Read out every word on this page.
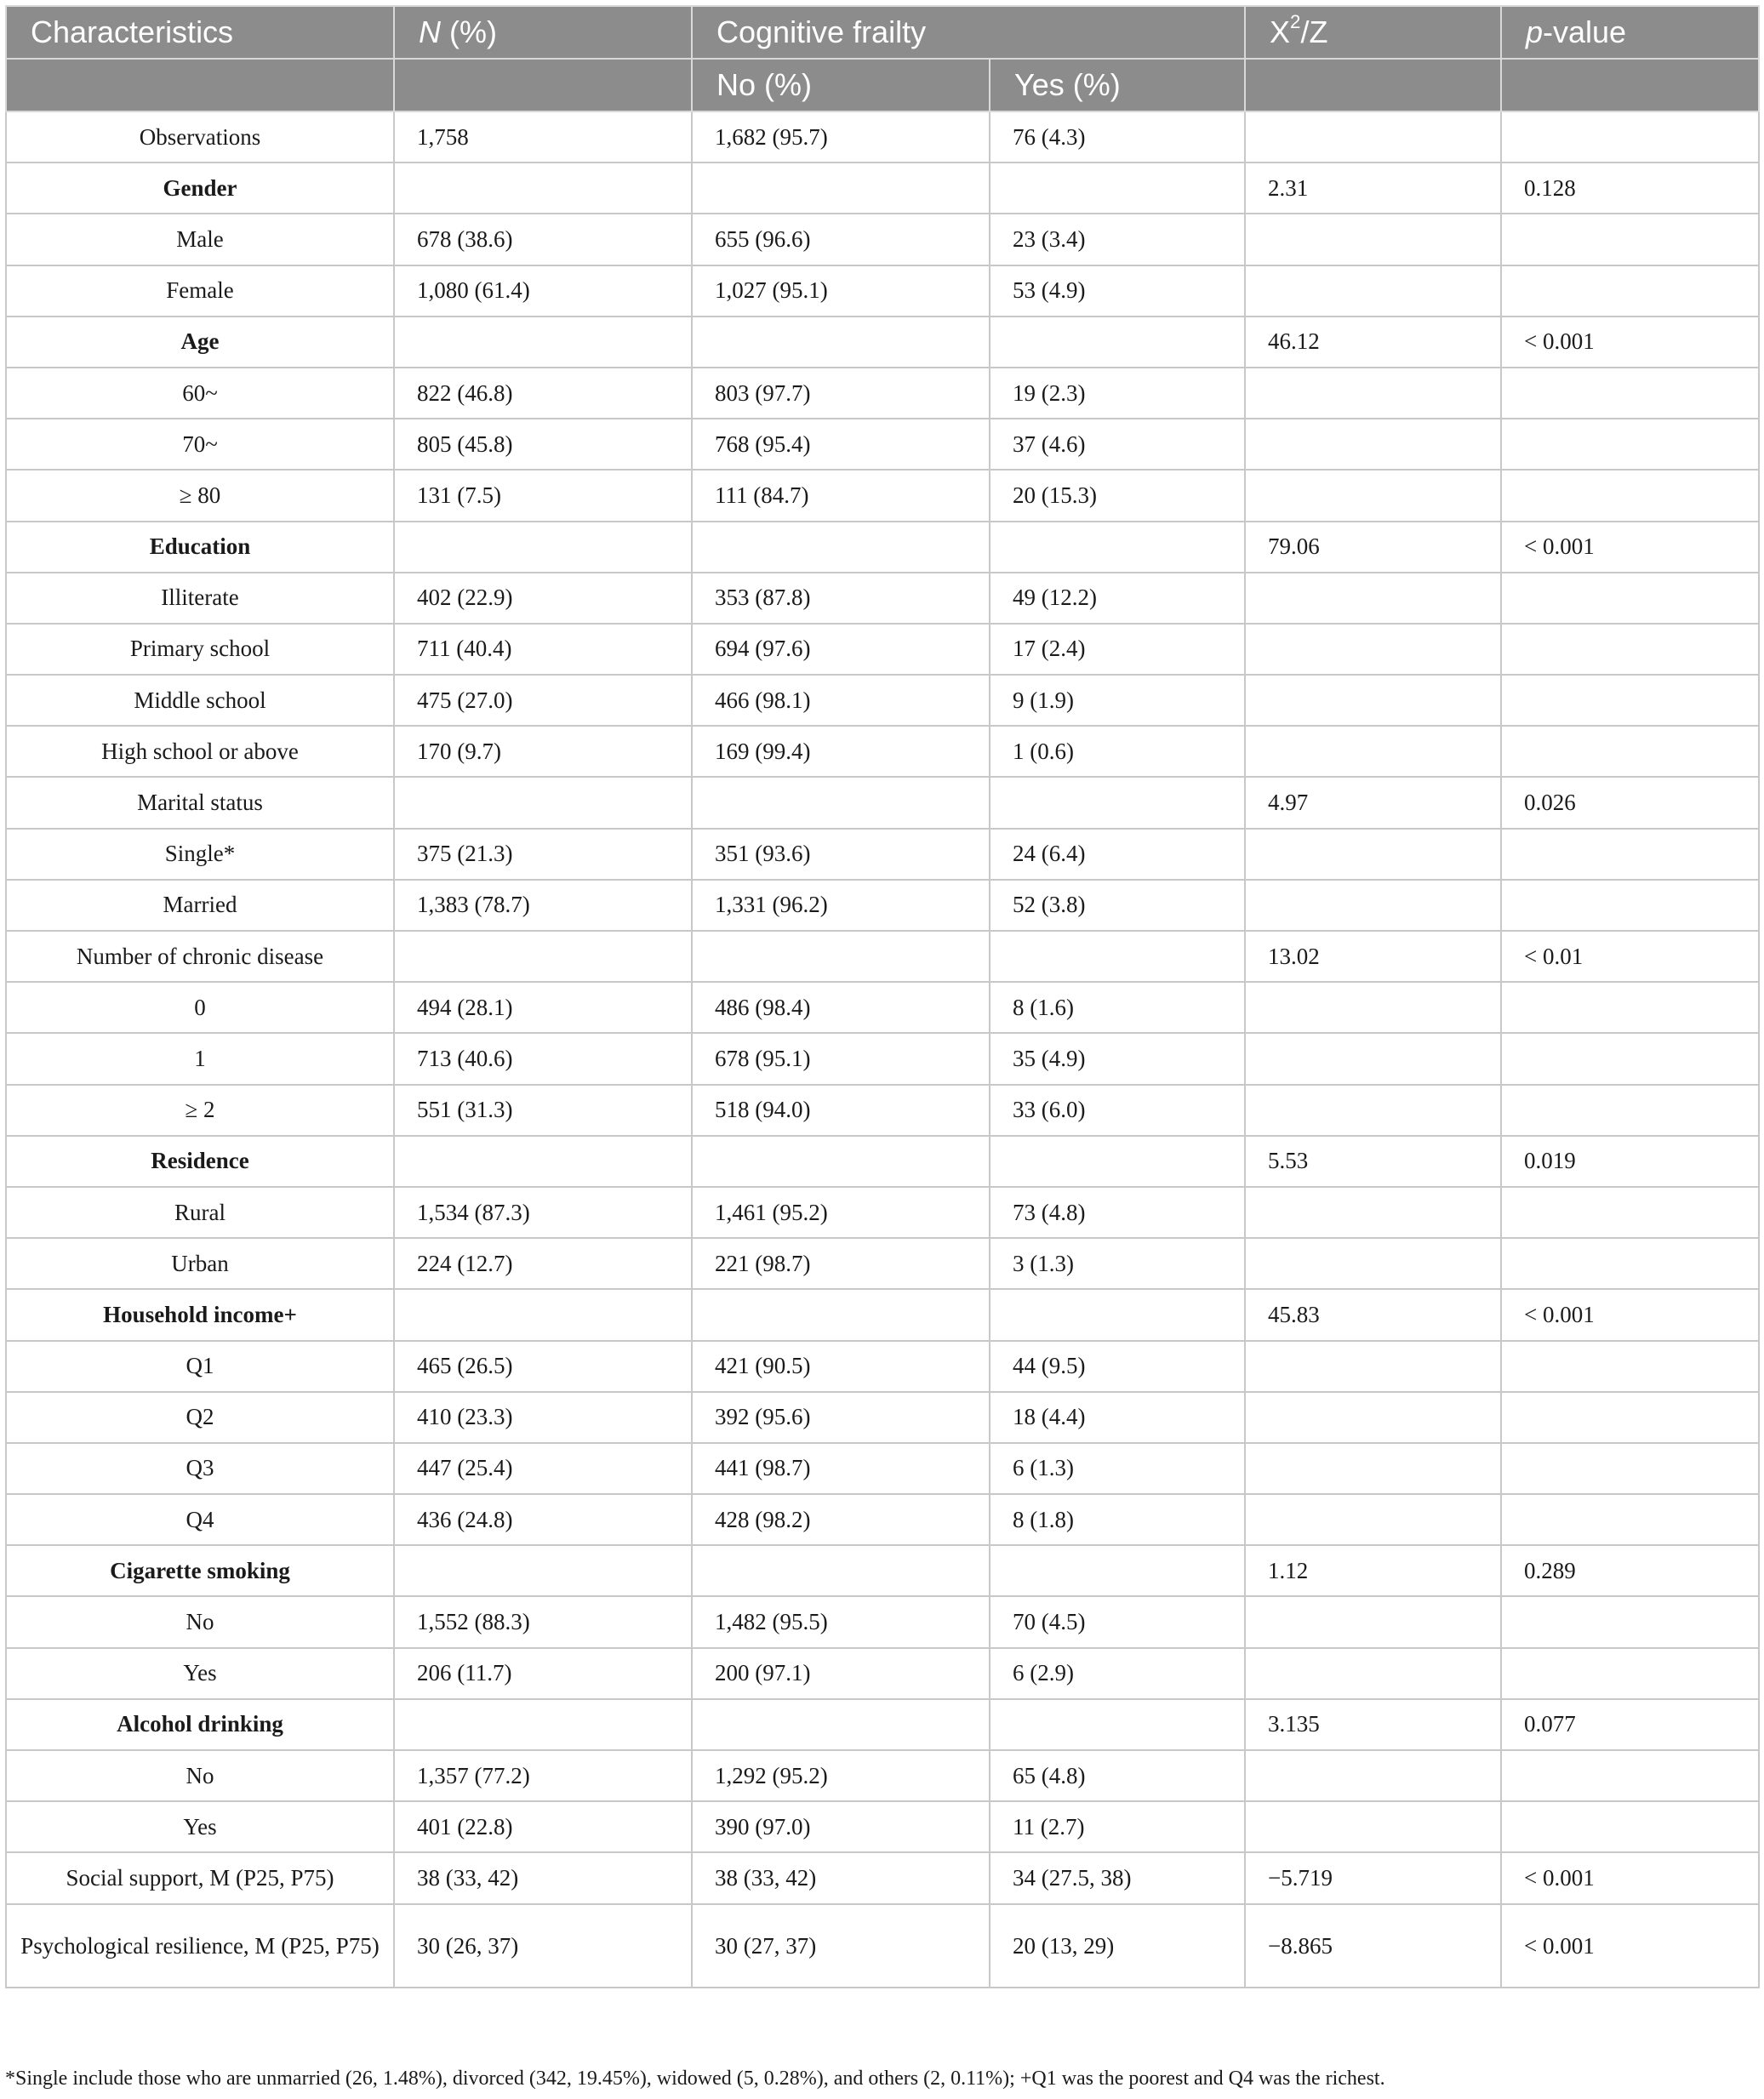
Characteristics	N (%)	Cognitive frailty		$X^2/Z$	p-value
		No (%)	Yes (%)		
Observations	1,758	1,682 (95.7)	76 (4.3)		
Gender				2.31	0.128
Male	678 (38.6)	655 (96.6)	23 (3.4)		
Female	1,080 (61.4)	1,027 (95.1)	53 (4.9)		
Age				46.12	< 0.001
60~	822 (46.8)	803 (97.7)	19 (2.3)		
70~	805 (45.8)	768 (95.4)	37 (4.6)		
≥ 80	131 (7.5)	111 (84.7)	20 (15.3)		
Education				79.06	< 0.001
Illiterate	402 (22.9)	353 (87.8)	49 (12.2)		
Primary school	711 (40.4)	694 (97.6)	17 (2.4)		
Middle school	475 (27.0)	466 (98.1)	9 (1.9)		
High school or above	170 (9.7)	169 (99.4)	1 (0.6)		
Marital status				4.97	0.026
Single*	375 (21.3)	351 (93.6)	24 (6.4)		
Married	1,383 (78.7)	1,331 (96.2)	52 (3.8)		
Number of chronic disease				13.02	< 0.01
0	494 (28.1)	486 (98.4)	8 (1.6)		
1	713 (40.6)	678 (95.1)	35 (4.9)		
≥ 2	551 (31.3)	518 (94.0)	33 (6.0)		
Residence				5.53	0.019
Rural	1,534 (87.3)	1,461 (95.2)	73 (4.8)		
Urban	224 (12.7)	221 (98.7)	3 (1.3)		
Household income+				45.83	< 0.001
Q1	465 (26.5)	421 (90.5)	44 (9.5)		
Q2	410 (23.3)	392 (95.6)	18 (4.4)		
Q3	447 (25.4)	441 (98.7)	6 (1.3)		
Q4	436 (24.8)	428 (98.2)	8 (1.8)		
Cigarette smoking				1.12	0.289
No	1,552 (88.3)	1,482 (95.5)	70 (4.5)		
Yes	206 (11.7)	200 (97.1)	6 (2.9)		
Alcohol drinking				3.135	0.077
No	1,357 (77.2)	1,292 (95.2)	65 (4.8)		
Yes	401 (22.8)	390 (97.0)	11 (2.7)		
Social support, M (P25, P75)	38 (33, 42)	38 (33, 42)	34 (27.5, 38)	−5.719	< 0.001
Psychological resilience, M (P25, P75)	30 (26, 37)	30 (27, 37)	20 (13, 29)	−8.865	< 0.001
*Single include those who are unmarried (26, 1.48%), divorced (342, 19.45%), widowed (5, 0.28%), and others (2, 0.11%); +Q1 was the poorest and Q4 was the richest.
